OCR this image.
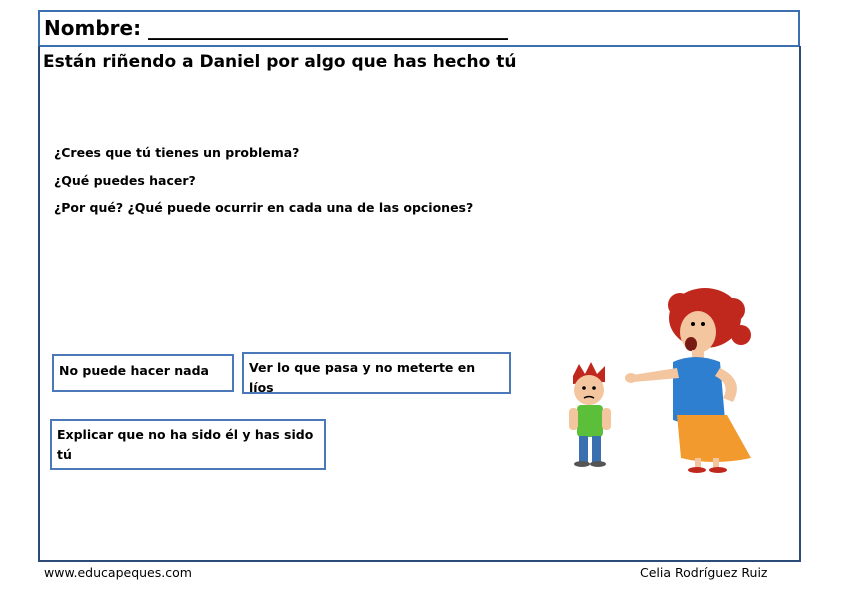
Nombre: ____________________________________
Están riñendo a Daniel por algo que has hecho tú
¿Crees que tú tienes un problema?
¿Qué puedes hacer?
¿Por qué? ¿Qué puede ocurrir en cada una de las opciones?
No puede hacer nada	Ver lo que pasa y no meterte en líos
Explicar que no ha sido él y has sido tú
www.educapeques.com	Celia Rodríguez Ruiz
